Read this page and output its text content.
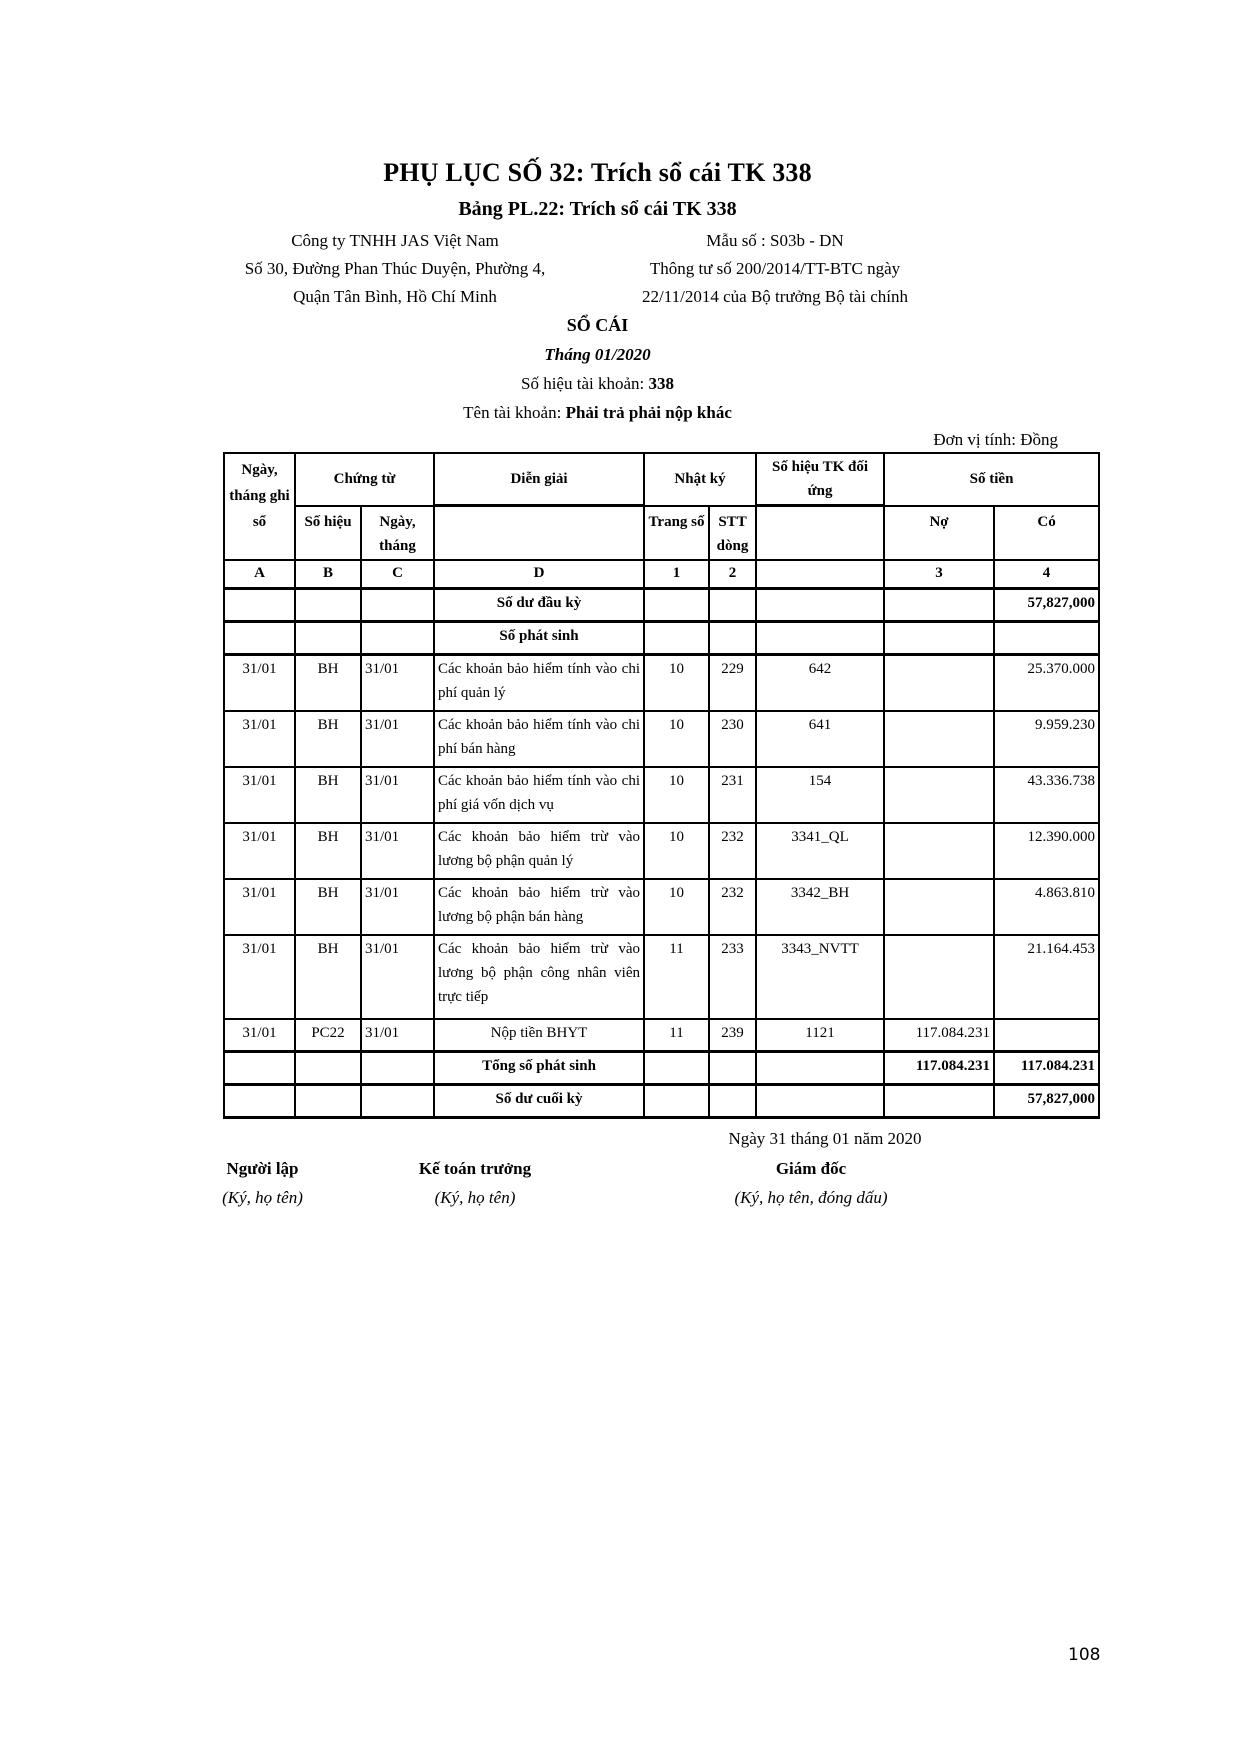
PHỤ LỤC SỐ 32: Trích sổ cái TK 338
Bảng PL.22: Trích sổ cái TK 338
Công ty TNHH JAS Việt Nam
Số 30, Đường Phan Thúc Duyện, Phường 4,
Quận Tân Bình, Hồ Chí Minh
Mẫu số : S03b - DN
Thông tư số 200/2014/TT-BTC ngày
22/11/2014 của Bộ trưởng Bộ tài chính
SỔ CÁI
Tháng 01/2020
Số hiệu tài khoản: 338
Tên tài khoản: Phải trả phải nộp khác
Đơn vị tính: Đồng
Ngày, tháng ghi sổ	Chứng từ		Diễn giải	Nhật ký		Số hiệu TK đối ứng	Số tiền	
	Số hiệu	Ngày, tháng		Trang số	STT dòng		Nợ	Có
A	B	C	D	1	2		3	4
			Số dư đầu kỳ					57,827,000
			Số phát sinh					
31/01	BH	31/01	Các khoản bảo hiểm tính vào chi phí quản lý	10	229	642		25.370.000
31/01	BH	31/01	Các khoản bảo hiểm tính vào chi phí bán hàng	10	230	641		9.959.230
31/01	BH	31/01	Các khoản bảo hiểm tính vào chi phí giá vốn dịch vụ	10	231	154		43.336.738
31/01	BH	31/01	Các khoản bảo hiểm trừ vào lương bộ phận quản lý	10	232	3341_QL		12.390.000
31/01	BH	31/01	Các khoản bảo hiểm trừ vào lương bộ phận bán hàng	10	232	3342_BH		4.863.810
31/01	BH	31/01	Các khoản bảo hiểm trừ vào lương bộ phận công nhân viên trực tiếp	11	233	3343_NVTT		21.164.453
31/01	PC22	31/01	Nộp tiền BHYT	11	239	1121	117.084.231	
			Tổng số phát sinh				117.084.231	117.084.231
			Số dư cuối kỳ					57,827,000
Ngày 31 tháng 01 năm 2020
Người lập
(Ký, họ tên)
Kế toán trưởng
(Ký, họ tên)
Giám đốc
(Ký, họ tên, đóng dấu)
108
